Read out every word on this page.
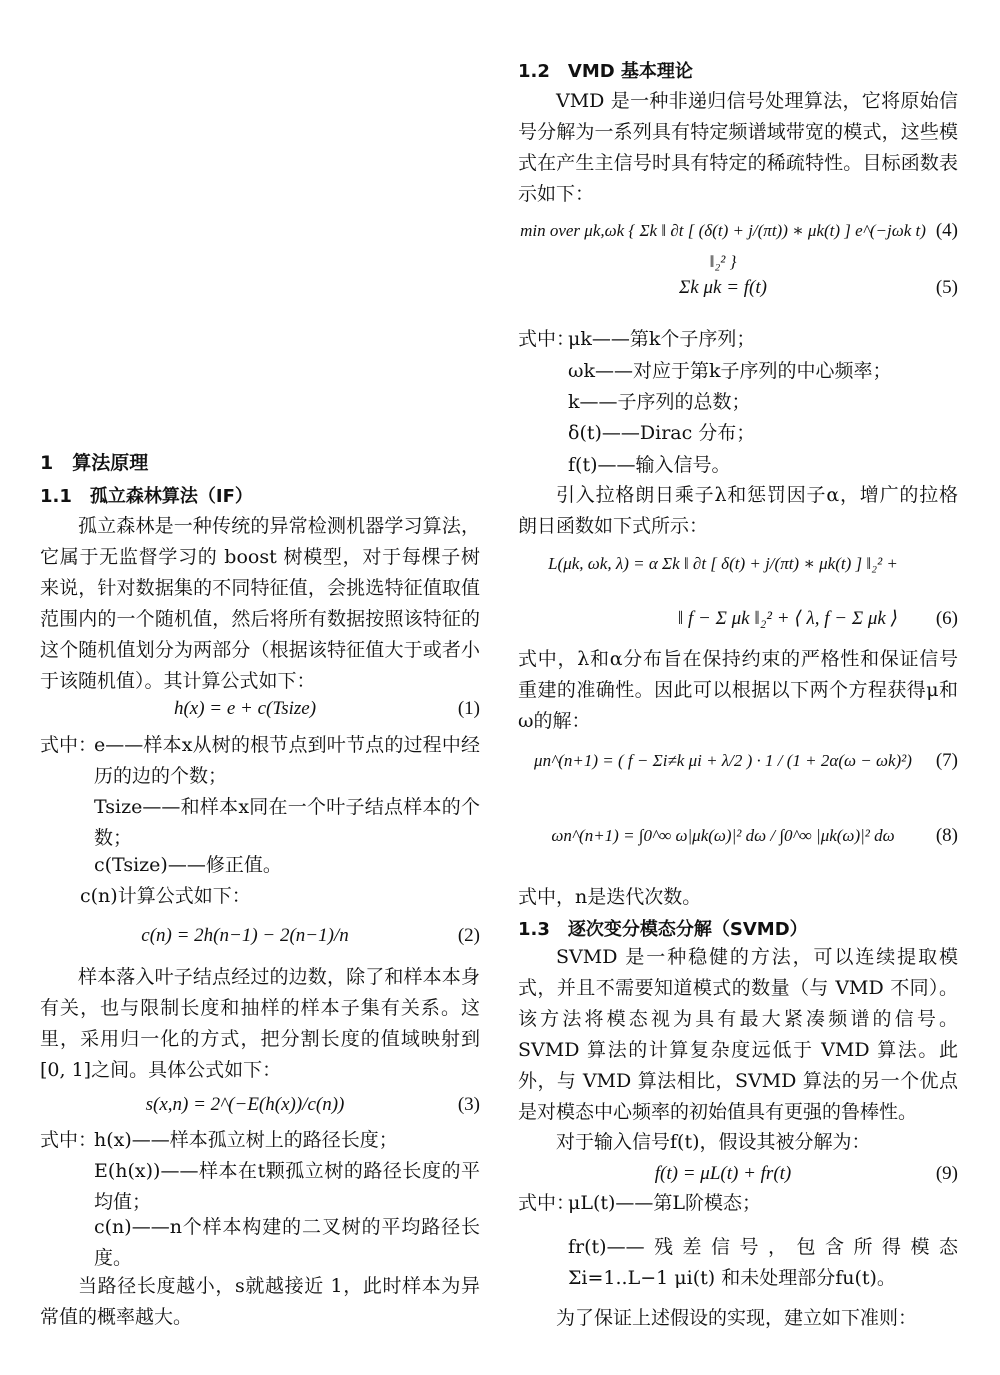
1　算法原理
1.1　孤立森林算法（IF）
孤立森林是一种传统的异常检测机器学习算法，它属于无监督学习的 boost 树模型，对于每棵子树来说，针对数据集的不同特征值，会挑选特征值取值范围内的一个随机值，然后将所有数据按照该特征的这个随机值划分为两部分（根据该特征值大于或者小于该随机值）。其计算公式如下：
h(x) = e + c(Tsize)	(1)
式中：
e——样本x从树的根节点到叶节点的过程中经历的边的个数；
Tsize——和样本x同在一个叶子结点样本的个数；
c(Tsize)——修正值。
c(n)计算公式如下：
c(n) = 2h(n−1) − 2(n−1)/n	(2)
样本落入叶子结点经过的边数，除了和样本本身有关，也与限制长度和抽样的样本子集有关系。这里，采用归一化的方式，把分割长度的值域映射到[0, 1]之间。具体公式如下：
s(x,n) = 2^(−E(h(x))/c(n))	(3)
式中：
h(x)——样本孤立树上的路径长度；
E(h(x))——样本在t颗孤立树的路径长度的平均值；
c(n)——n个样本构建的二叉树的平均路径长度。
当路径长度越小，s就越接近 1，此时样本为异常值的概率越大。
1.2　VMD 基本理论
VMD 是一种非递归信号处理算法，它将原始信号分解为一系列具有特定频谱域带宽的模式，这些模式在产生主信号时具有特定的稀疏特性。目标函数表示如下：
min over μk,ωk { Σk ‖ ∂t [ (δ(t) + j/(πt)) ∗ μk(t) ] e^(−jωk t) ‖₂² }
(4)
Σk μk = f(t)	(5)
式中：
μk——第k个子序列；
ωk——对应于第k子序列的中心频率；
k——子序列的总数；
δ(t)——Dirac 分布；
f(t)——输入信号。
引入拉格朗日乘子λ和惩罚因子α，增广的拉格朗日函数如下式所示：
L(μk, ωk, λ) = α Σk ‖ ∂t [ δ(t) + j/(πt) ∗ μk(t) ] ‖₂² +
‖ f − Σ μk ‖₂² + ⟨ λ, f − Σ μk ⟩ (6)
式中，λ和α分布旨在保持约束的严格性和保证信号重建的准确性。因此可以根据以下两个方程获得μ和ω的解：
μn^(n+1) = ( f − Σi≠k μi + λ/2 ) · 1 / (1 + 2α(ω − ωk)²)	(7)
ωn^(n+1) = ∫0^∞ ω|μk(ω)|² dω / ∫0^∞ |μk(ω)|² dω	(8)
式中，n是迭代次数。
1.3　逐次变分模态分解（SVMD）
SVMD 是一种稳健的方法，可以连续提取模式，并且不需要知道模式的数量（与 VMD 不同）。该方法将模态视为具有最大紧凑频谱的信号。SVMD 算法的计算复杂度远低于 VMD 算法。此外，与 VMD 算法相比，SVMD 算法的另一个优点是对模态中心频率的初始值具有更强的鲁棒性。
对于输入信号f(t)，假设其被分解为：
f(t) = μL(t) + fr(t)	(9)
式中：
μL(t)——第L阶模态；
fr(t)——残差信号，包含所得模态 Σi=1..L−1 μi(t) 和未处理部分fu(t)。
为了保证上述假设的实现，建立如下准则：
